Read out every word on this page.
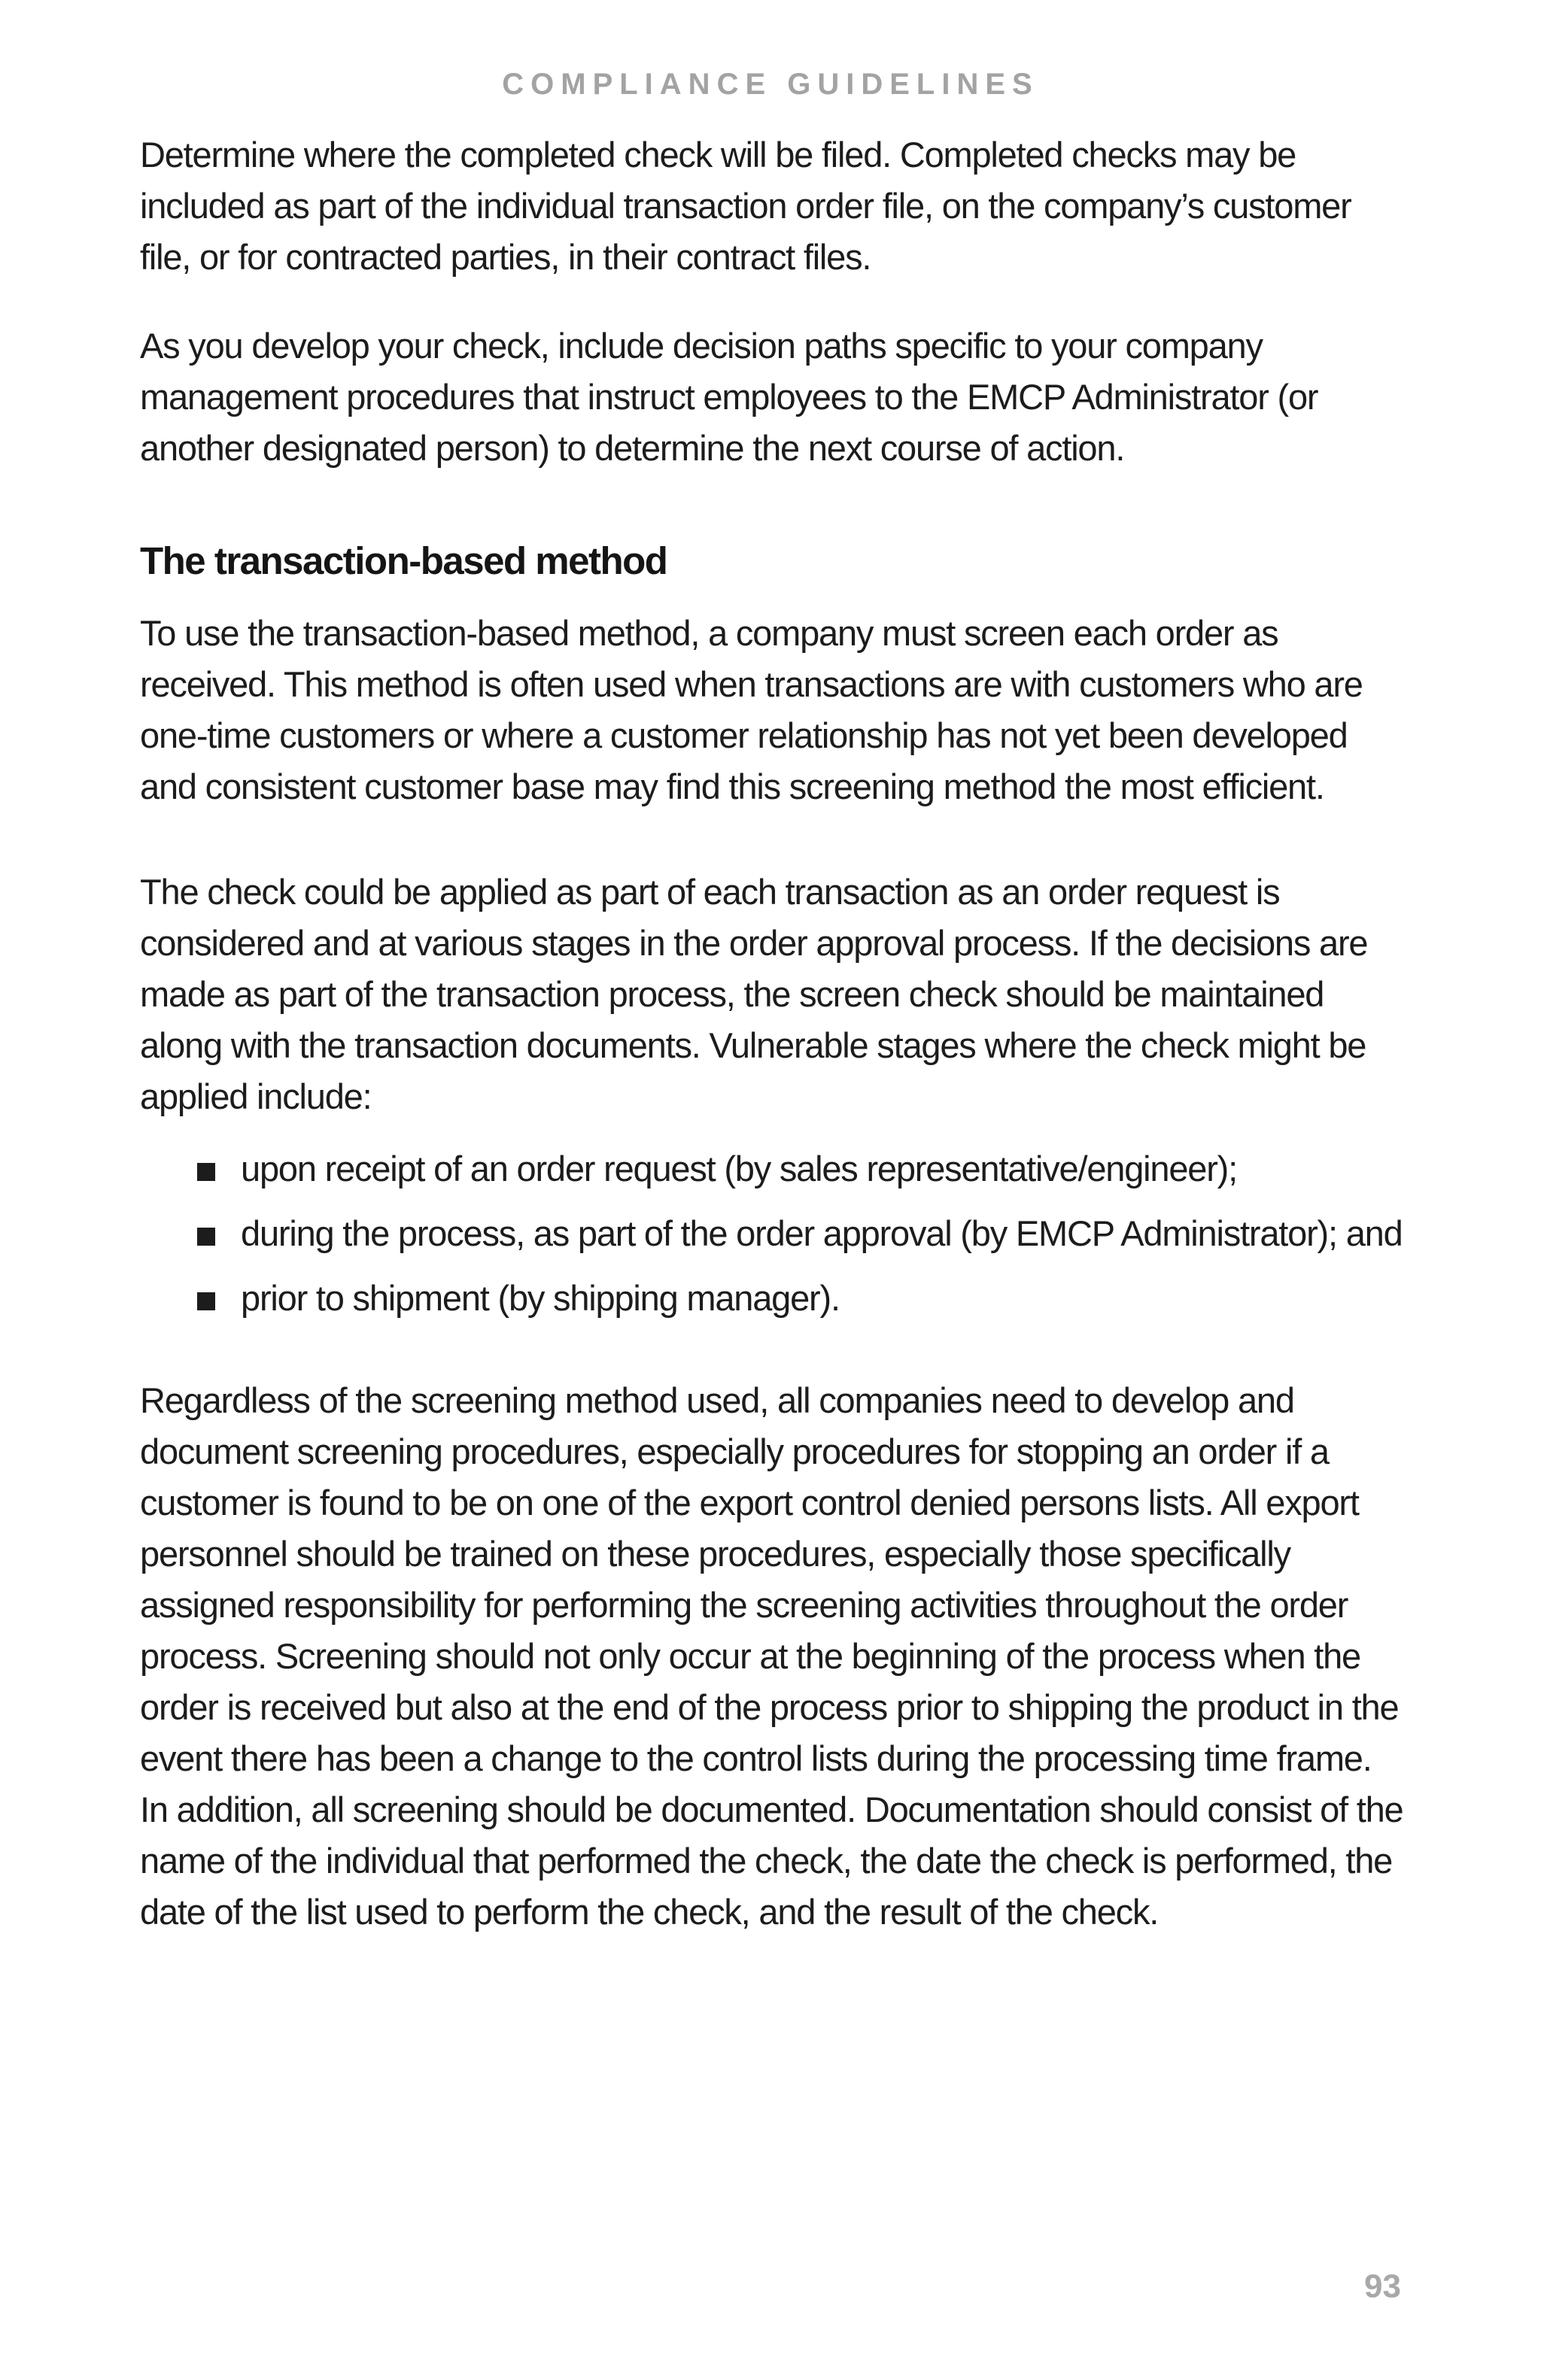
COMPLIANCE GUIDELINES

Determine where the completed check will be filed. Completed checks may be included as part of the individual transaction order file, on the company’s customer file, or for contracted parties, in their contract files.

As you develop your check, include decision paths specific to your company management procedures that instruct employees to the EMCP Administrator (or another designated person) to determine the next course of action.

The transaction-based method

To use the transaction-based method, a company must screen each order as received. This method is often used when transactions are with customers who are one-time customers or where a customer relationship has not yet been developed and consistent customer base may find this screening method the most efficient.

The check could be applied as part of each transaction as an order request is considered and at various stages in the order approval process. If the decisions are made as part of the transaction process, the screen check should be maintained along with the transaction documents. Vulnerable stages where the check might be applied include:

upon receipt of an order request (by sales representative/engineer);
during the process, as part of the order approval (by EMCP Administrator); and
prior to shipment (by shipping manager).

Regardless of the screening method used, all companies need to develop and document screening procedures, especially procedures for stopping an order if a customer is found to be on one of the export control denied persons lists. All export personnel should be trained on these procedures, especially those specifically assigned responsibility for performing the screening activities throughout the order process. Screening should not only occur at the beginning of the process when the order is received but also at the end of the process prior to shipping the product in the event there has been a change to the control lists during the processing time frame. In addition, all screening should be documented. Documentation should consist of the name of the individual that performed the check, the date the check is performed, the date of the list used to perform the check, and the result of the check.

93
